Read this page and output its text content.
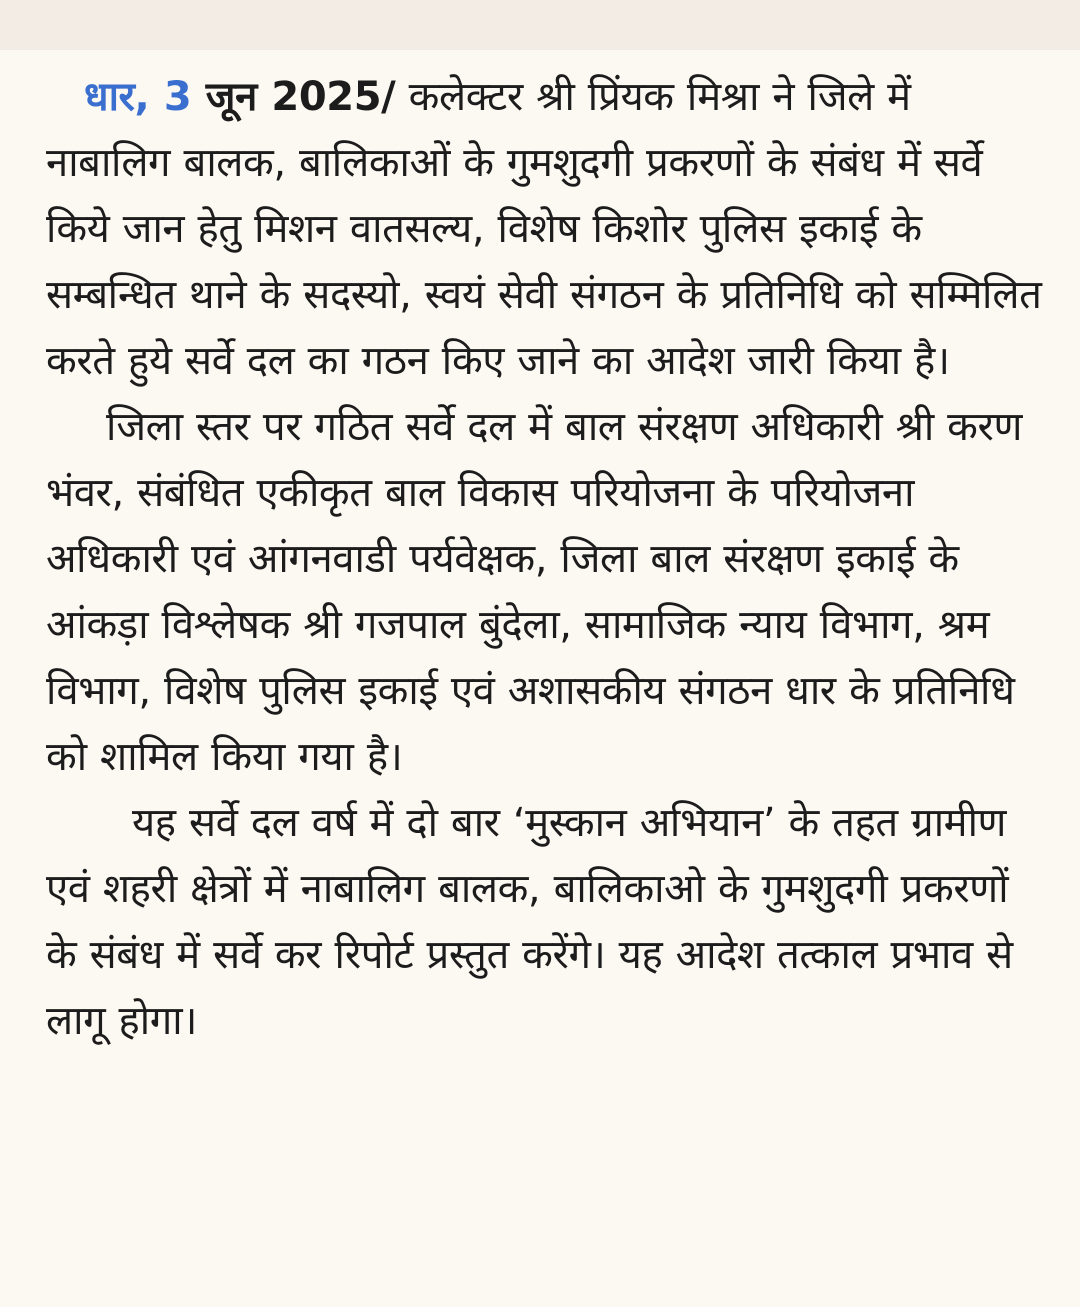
धार, 3 जून 2025/ कलेक्टर श्री प्रिंयक मिश्रा ने जिले में नाबालिग बालक, बालिकाओं के गुमशुदगी प्रकरणों के संबंध में सर्वे किये जान हेतु मिशन वातसल्य, विशेष किशोर पुलिस इकाई के सम्बन्धित थाने के सदस्यो, स्वयं सेवी संगठन के प्रतिनिधि को सम्मिलित करते हुये सर्वे दल का गठन किए जाने का आदेश जारी किया है।

जिला स्तर पर गठित सर्वे दल में बाल संरक्षण अधिकारी श्री करण भंवर, संबंधित एकीकृत बाल विकास परियोजना के परियोजना अधिकारी एवं आंगनवाडी पर्यवेक्षक, जिला बाल संरक्षण इकाई के आंकड़ा विश्लेषक श्री गजपाल बुंदेला, सामाजिक न्याय विभाग, श्रम विभाग, विशेष पुलिस इकाई एवं अशासकीय संगठन धार के प्रतिनिधि को शामिल किया गया है।

यह सर्वे दल वर्ष में दो बार ‘मुस्कान अभियान’ के तहत ग्रामीण एवं शहरी क्षेत्रों में नाबालिग बालक, बालिकाओ के गुमशुदगी प्रकरणों के संबंध में सर्वे कर रिपोर्ट प्रस्तुत करेंगे। यह आदेश तत्काल प्रभाव से लागू होगा।
